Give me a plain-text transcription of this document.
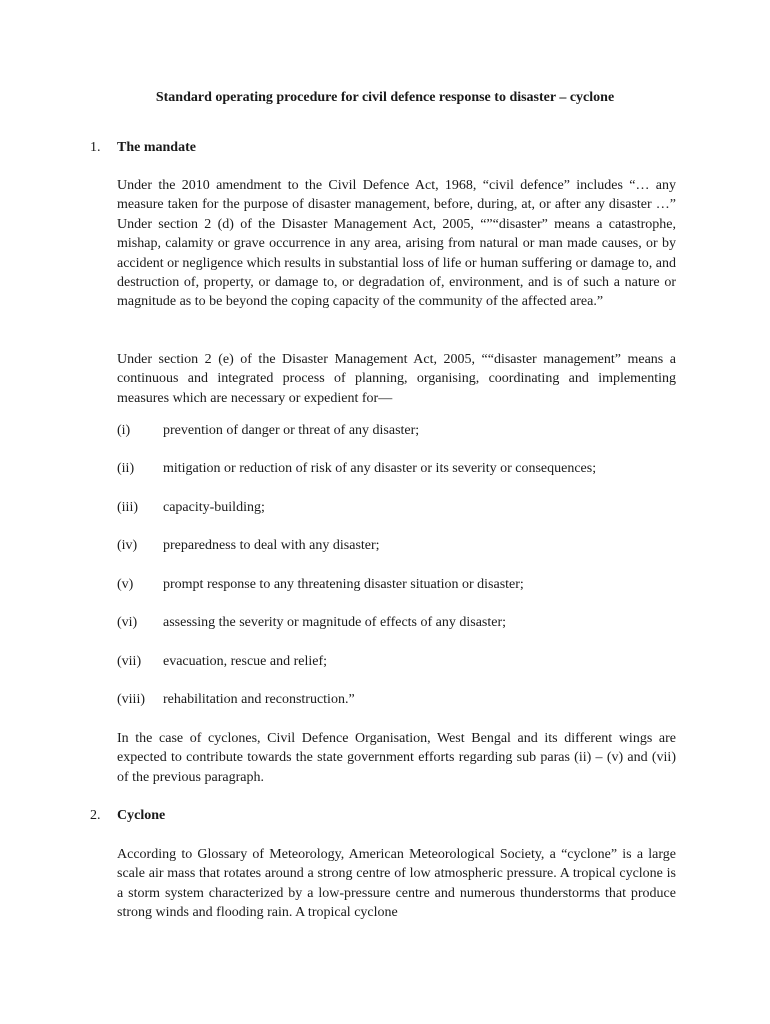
Standard operating procedure for civil defence response to disaster – cyclone
1. The mandate

Under the 2010 amendment to the Civil Defence Act, 1968, “civil defence” includes “… any measure taken for the purpose of disaster management, before, during, at, or after any disaster …” Under section 2 (d) of the Disaster Management Act, 2005, “”“disaster” means a catastrophe, mishap, calamity or grave occurrence in any area, arising from natural or man made causes, or by accident or negligence which results in substantial loss of life or human suffering or damage to, and destruction of, property, or damage to, or degradation of, environment, and is of such a nature or magnitude as to be beyond the coping capacity of the community of the affected area.”

Under section 2 (e) of the Disaster Management Act, 2005, ““disaster management” means a continuous and integrated process of planning, organising, coordinating and implementing measures which are necessary or expedient for—

(i) prevention of danger or threat of any disaster;
(ii) mitigation or reduction of risk of any disaster or its severity or consequences;
(iii) capacity-building;
(iv) preparedness to deal with any disaster;
(v) prompt response to any threatening disaster situation or disaster;
(vi) assessing the severity or magnitude of effects of any disaster;
(vii) evacuation, rescue and relief;
(viii) rehabilitation and reconstruction.”

In the case of cyclones, Civil Defence Organisation, West Bengal and its different wings are expected to contribute towards the state government efforts regarding sub paras (ii) – (v) and (vii) of the previous paragraph.

2. Cyclone

According to Glossary of Meteorology, American Meteorological Society, a “cyclone” is a large scale air mass that rotates around a strong centre of low atmospheric pressure. A tropical cyclone is a storm system characterized by a low-pressure centre and numerous thunderstorms that produce strong winds and flooding rain. A tropical cyclone
